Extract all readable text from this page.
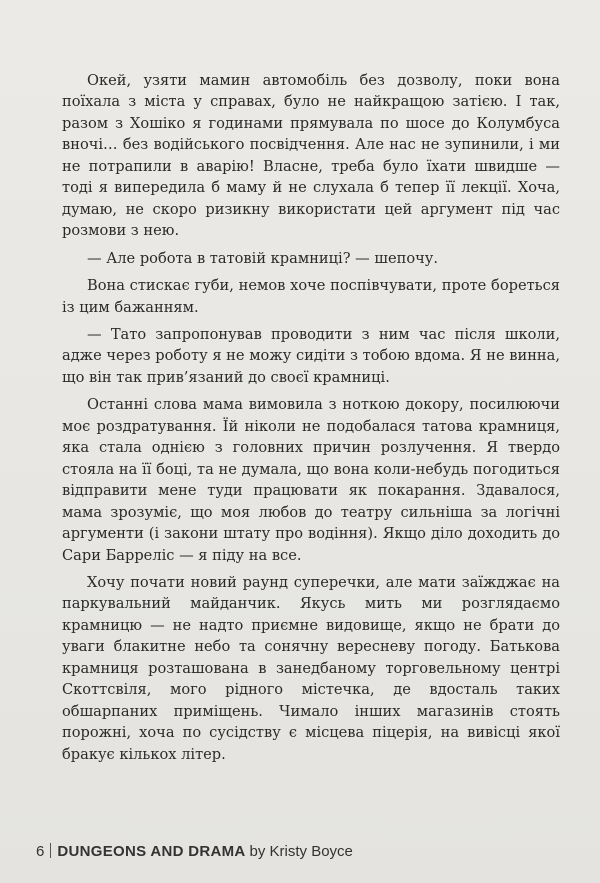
Окей, узяти мамин автомобіль без дозволу, поки вона поїхала з міста у справах, було не найкращою затією. І так, разом з Хошіко я годинами прямувала по шосе до Колумбуса вночі… без водійського посвідчення. Але нас не зупинили, і ми не потрапили в аварію! Власне, треба було їхати швидше — тоді я випередила б маму й не слухала б тепер її лекції. Хоча, думаю, не скоро ризикну використати цей аргумент під час розмови з нею.

— Але робота в татовій крамниці? — шепочу.

Вона стискає губи, немов хоче поспівчувати, проте бореться із цим бажанням.

— Тато запропонував проводити з ним час після школи, адже через роботу я не можу сидіти з тобою вдома. Я не винна, що він так прив’язаний до своєї крамниці.

Останні слова мама вимовила з ноткою докору, посилюючи моє роздратування. Їй ніколи не подобалася татова крамниця, яка стала однією з головних причин розлучення. Я твердо стояла на її боці, та не думала, що вона коли-небудь погодиться відправити мене туди працювати як покарання. Здавалося, мама зрозуміє, що моя любов до театру сильніша за логічні аргументи (і закони штату про водіння). Якщо діло доходить до Сари Барреліс — я піду на все.

Хочу почати новий раунд суперечки, але мати заїжджає на паркувальний майданчик. Якусь мить ми розглядаємо крамницю — не надто приємне видовище, якщо не брати до уваги блакитне небо та сонячну вересневу погоду. Батькова крамниця розташована в занедбаному торговельному центрі Скоттсвіля, мого рідного містечка, де вдосталь таких обшарпаних приміщень. Чимало інших магазинів стоять порожні, хоча по сусідству є місцева піцерія, на вивісці якої бракує кількох літер.

6 DUNGEONS AND DRAMA by Kristy Boyce
